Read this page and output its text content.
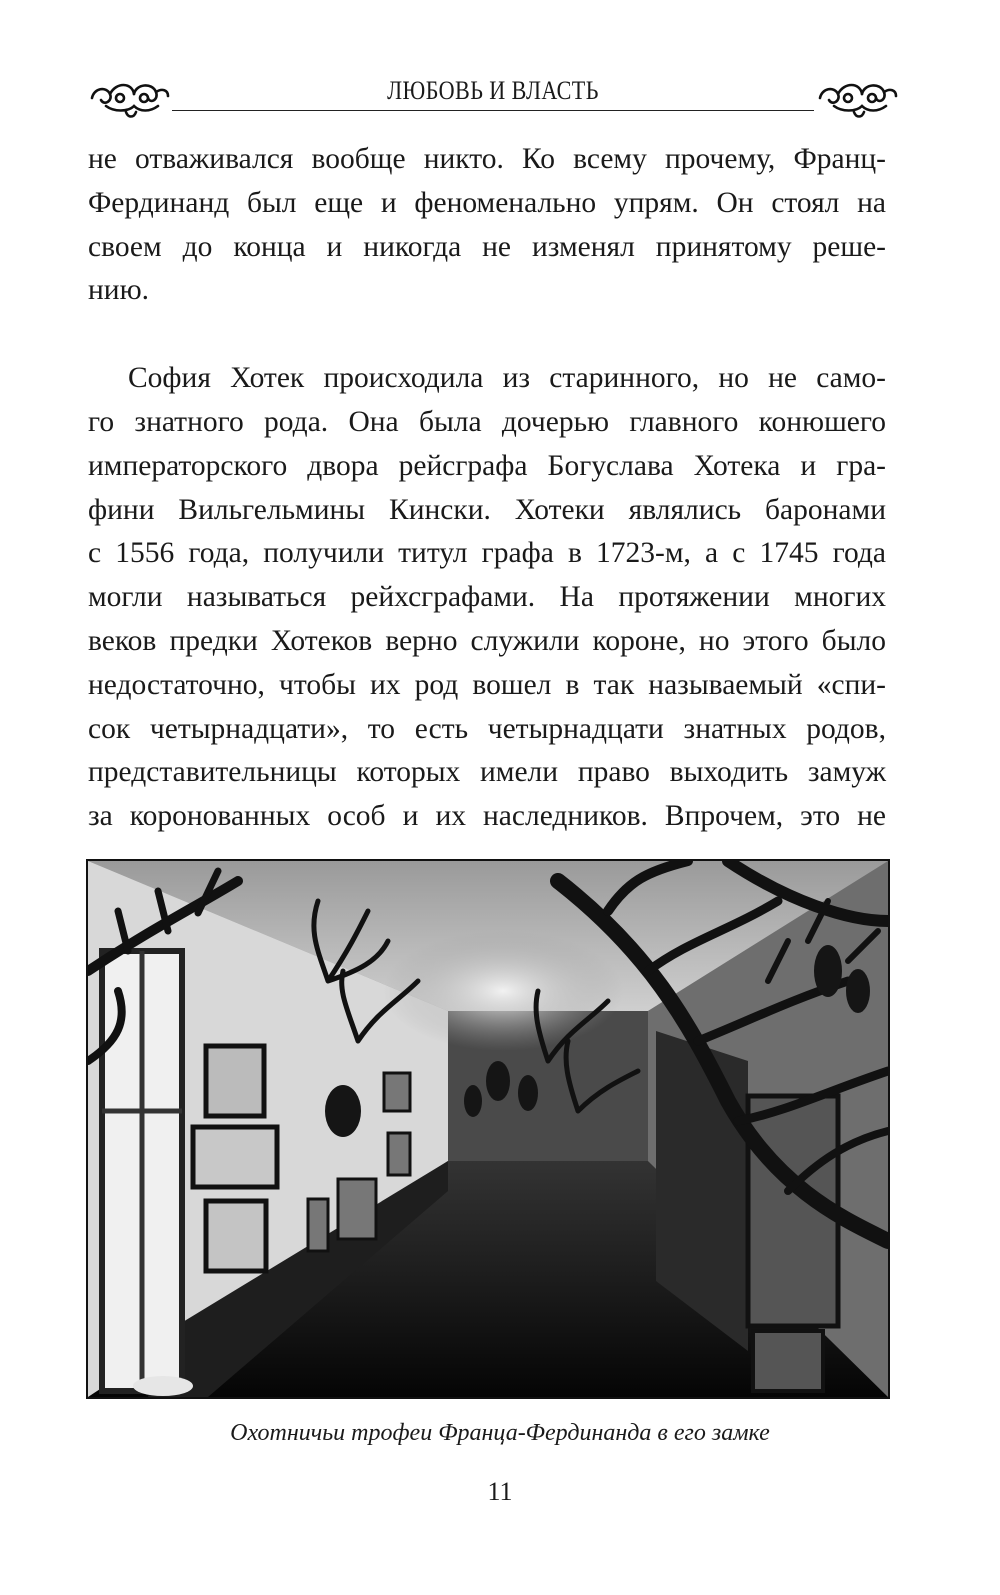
ЛЮБОВЬ И ВЛАСТЬ
не отваживался вообще никто. Ко всему прочему, Франц-
Фердинанд был еще и феноменально упрям. Он стоял на
своем до конца и никогда не изменял принятому реше-
нию.
София Хотек происходила из старинного, но не само-
го знатного рода. Она была дочерью главного конюшего
императорского двора рейсграфа Богуслава Хотека и гра-
фини Вильгельмины Кински. Хотеки являлись баронами
с 1556 года, получили титул графа в 1723-м, а с 1745 года
могли называться рейхсграфами. На протяжении многих
веков предки Хотеков верно служили короне, но этого было
недостаточно, чтобы их род вошел в так называемый «спи-
сок четырнадцати», то есть четырнадцати знатных родов,
представительницы которых имели право выходить замуж
за коронованных особ и их наследников. Впрочем, это не
Охотничьи трофеи Франца-Фердинанда в его замке
11
